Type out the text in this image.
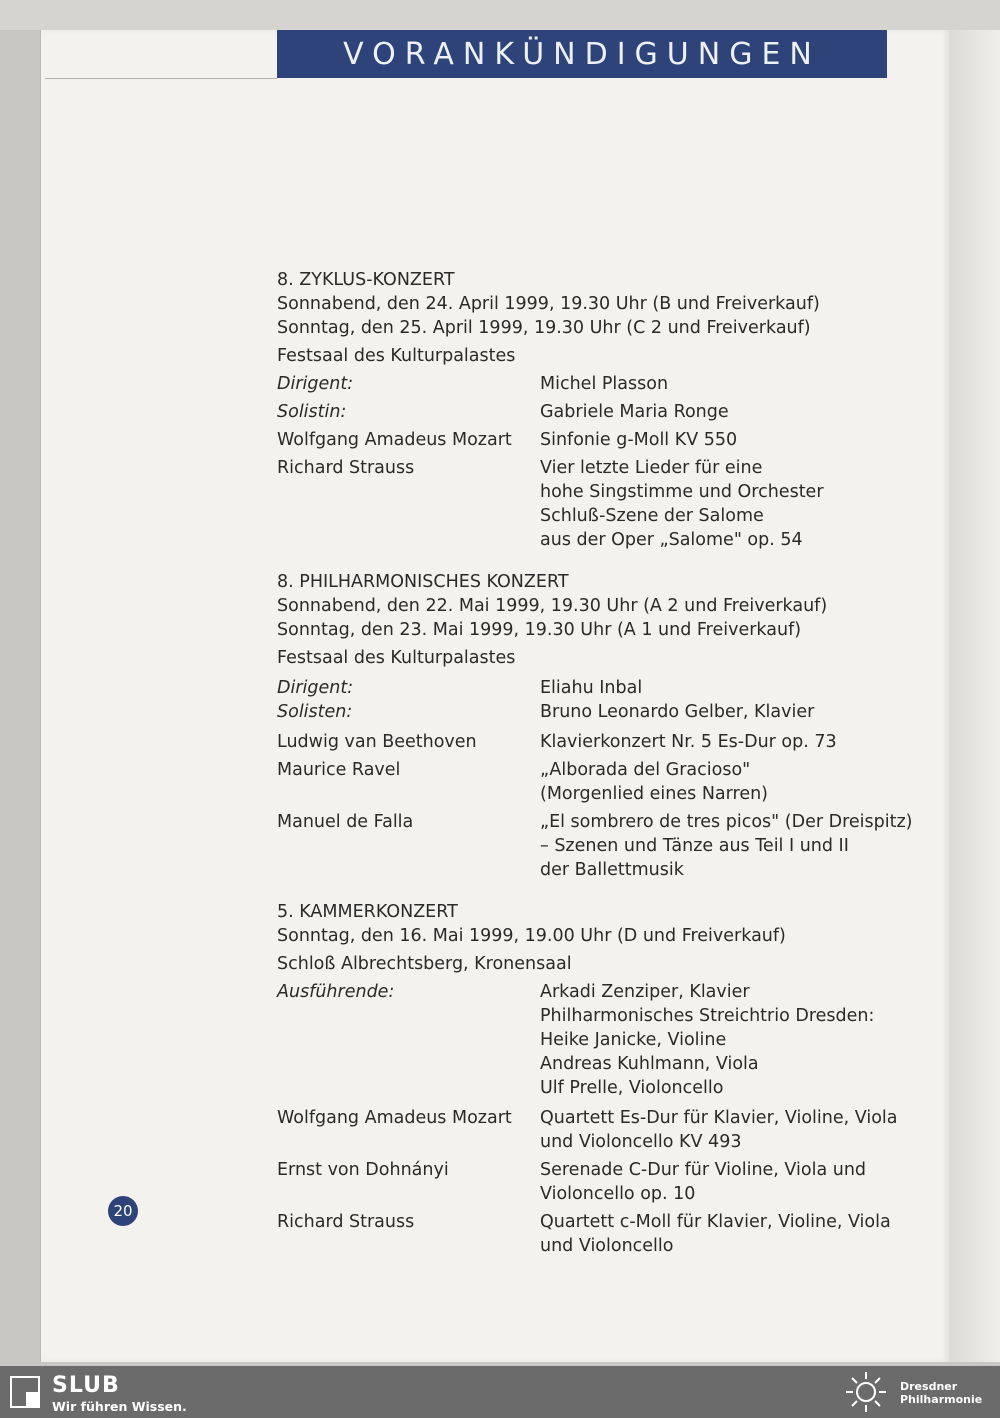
VORANKÜNDIGUNGEN
8. ZYKLUS-KONZERT
Sonnabend, den 24. April 1999, 19.30 Uhr (B und Freiverkauf)
Sonntag, den 25. April 1999, 19.30 Uhr (C 2 und Freiverkauf)
Festsaal des Kulturpalastes
Dirigent:	Michel Plasson
Solistin:	Gabriele Maria Ronge
Wolfgang Amadeus Mozart	Sinfonie g-Moll KV 550
Richard Strauss	Vier letzte Lieder für eine
hohe Singstimme und Orchester
Schluß-Szene der Salome
aus der Oper „Salome" op. 54
8. PHILHARMONISCHES KONZERT
Sonnabend, den 22. Mai 1999, 19.30 Uhr (A 2 und Freiverkauf)
Sonntag, den 23. Mai 1999, 19.30 Uhr (A 1 und Freiverkauf)
Festsaal des Kulturpalastes
Dirigent:	Eliahu Inbal
Solisten:	Bruno Leonardo Gelber, Klavier
Ludwig van Beethoven	Klavierkonzert Nr. 5 Es-Dur op. 73
Maurice Ravel	„Alborada del Gracioso"
(Morgenlied eines Narren)
Manuel de Falla	„El sombrero de tres picos" (Der Dreispitz)
– Szenen und Tänze aus Teil I und II
der Ballettmusik
5. KAMMERKONZERT
Sonntag, den 16. Mai 1999, 19.00 Uhr (D und Freiverkauf)
Schloß Albrechtsberg, Kronensaal
Ausführende:	Arkadi Zenziper, Klavier
Philharmonisches Streichtrio Dresden:
Heike Janicke, Violine
Andreas Kuhlmann, Viola
Ulf Prelle, Violoncello
Wolfgang Amadeus Mozart	Quartett Es-Dur für Klavier, Violine, Viola
und Violoncello KV 493
Ernst von Dohnányi	Serenade C-Dur für Violine, Viola und
Violoncello op. 10
Richard Strauss	Quartett c-Moll für Klavier, Violine, Viola
und Violoncello
20
SLUB
Wir führen Wissen.
Dresdner
Philharmonie
